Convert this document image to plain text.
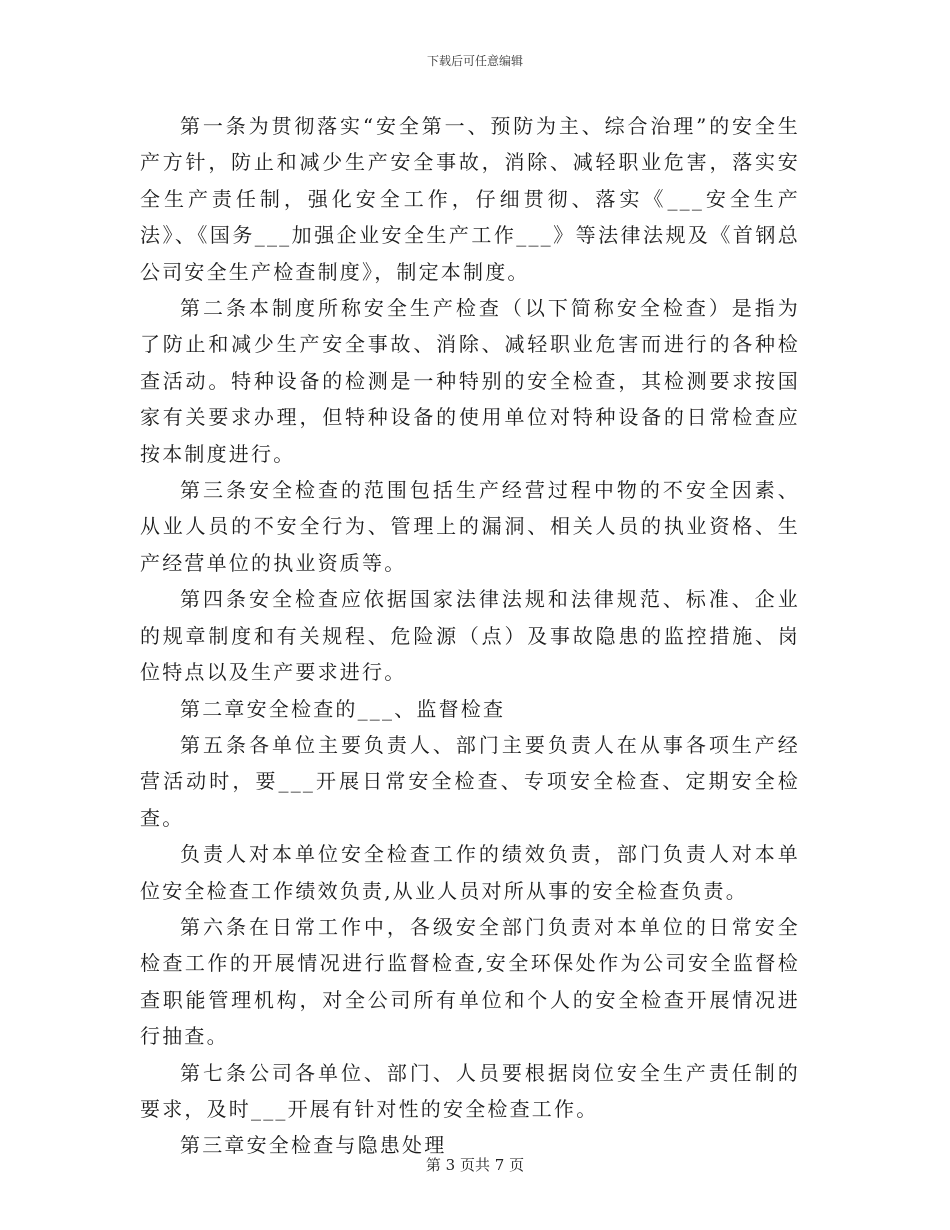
下载后可任意编辑

第一条为贯彻落实“安全第一、预防为主、综合治理”的安全生产方针，防止和减少生产安全事故，消除、减轻职业危害，落实安全生产责任制，强化安全工作，仔细贯彻、落实《___安全生产法》、《国务___加强企业安全生产工作___》等法律法规及《首钢总公司安全生产检查制度》，制定本制度。

第二条本制度所称安全生产检查（以下简称安全检查）是指为了防止和减少生产安全事故、消除、减轻职业危害而进行的各种检查活动。特种设备的检测是一种特别的安全检查，其检测要求按国家有关要求办理，但特种设备的使用单位对特种设备的日常检查应按本制度进行。

第三条安全检查的范围包括生产经营过程中物的不安全因素、从业人员的不安全行为、管理上的漏洞、相关人员的执业资格、生产经营单位的执业资质等。

第四条安全检查应依据国家法律法规和法律规范、标准、企业的规章制度和有关规程、危险源（点）及事故隐患的监控措施、岗位特点以及生产要求进行。

第二章安全检查的___、监督检查

第五条各单位主要负责人、部门主要负责人在从事各项生产经营活动时，要___开展日常安全检查、专项安全检查、定期安全检查。

负责人对本单位安全检查工作的绩效负责，部门负责人对本单位安全检查工作绩效负责,从业人员对所从事的安全检查负责。

第六条在日常工作中，各级安全部门负责对本单位的日常安全检查工作的开展情况进行监督检查,安全环保处作为公司安全监督检查职能管理机构，对全公司所有单位和个人的安全检查开展情况进行抽查。

第七条公司各单位、部门、人员要根据岗位安全生产责任制的要求，及时___开展有针对性的安全检查工作。

第三章安全检查与隐患处理

第 3 页共 7 页
